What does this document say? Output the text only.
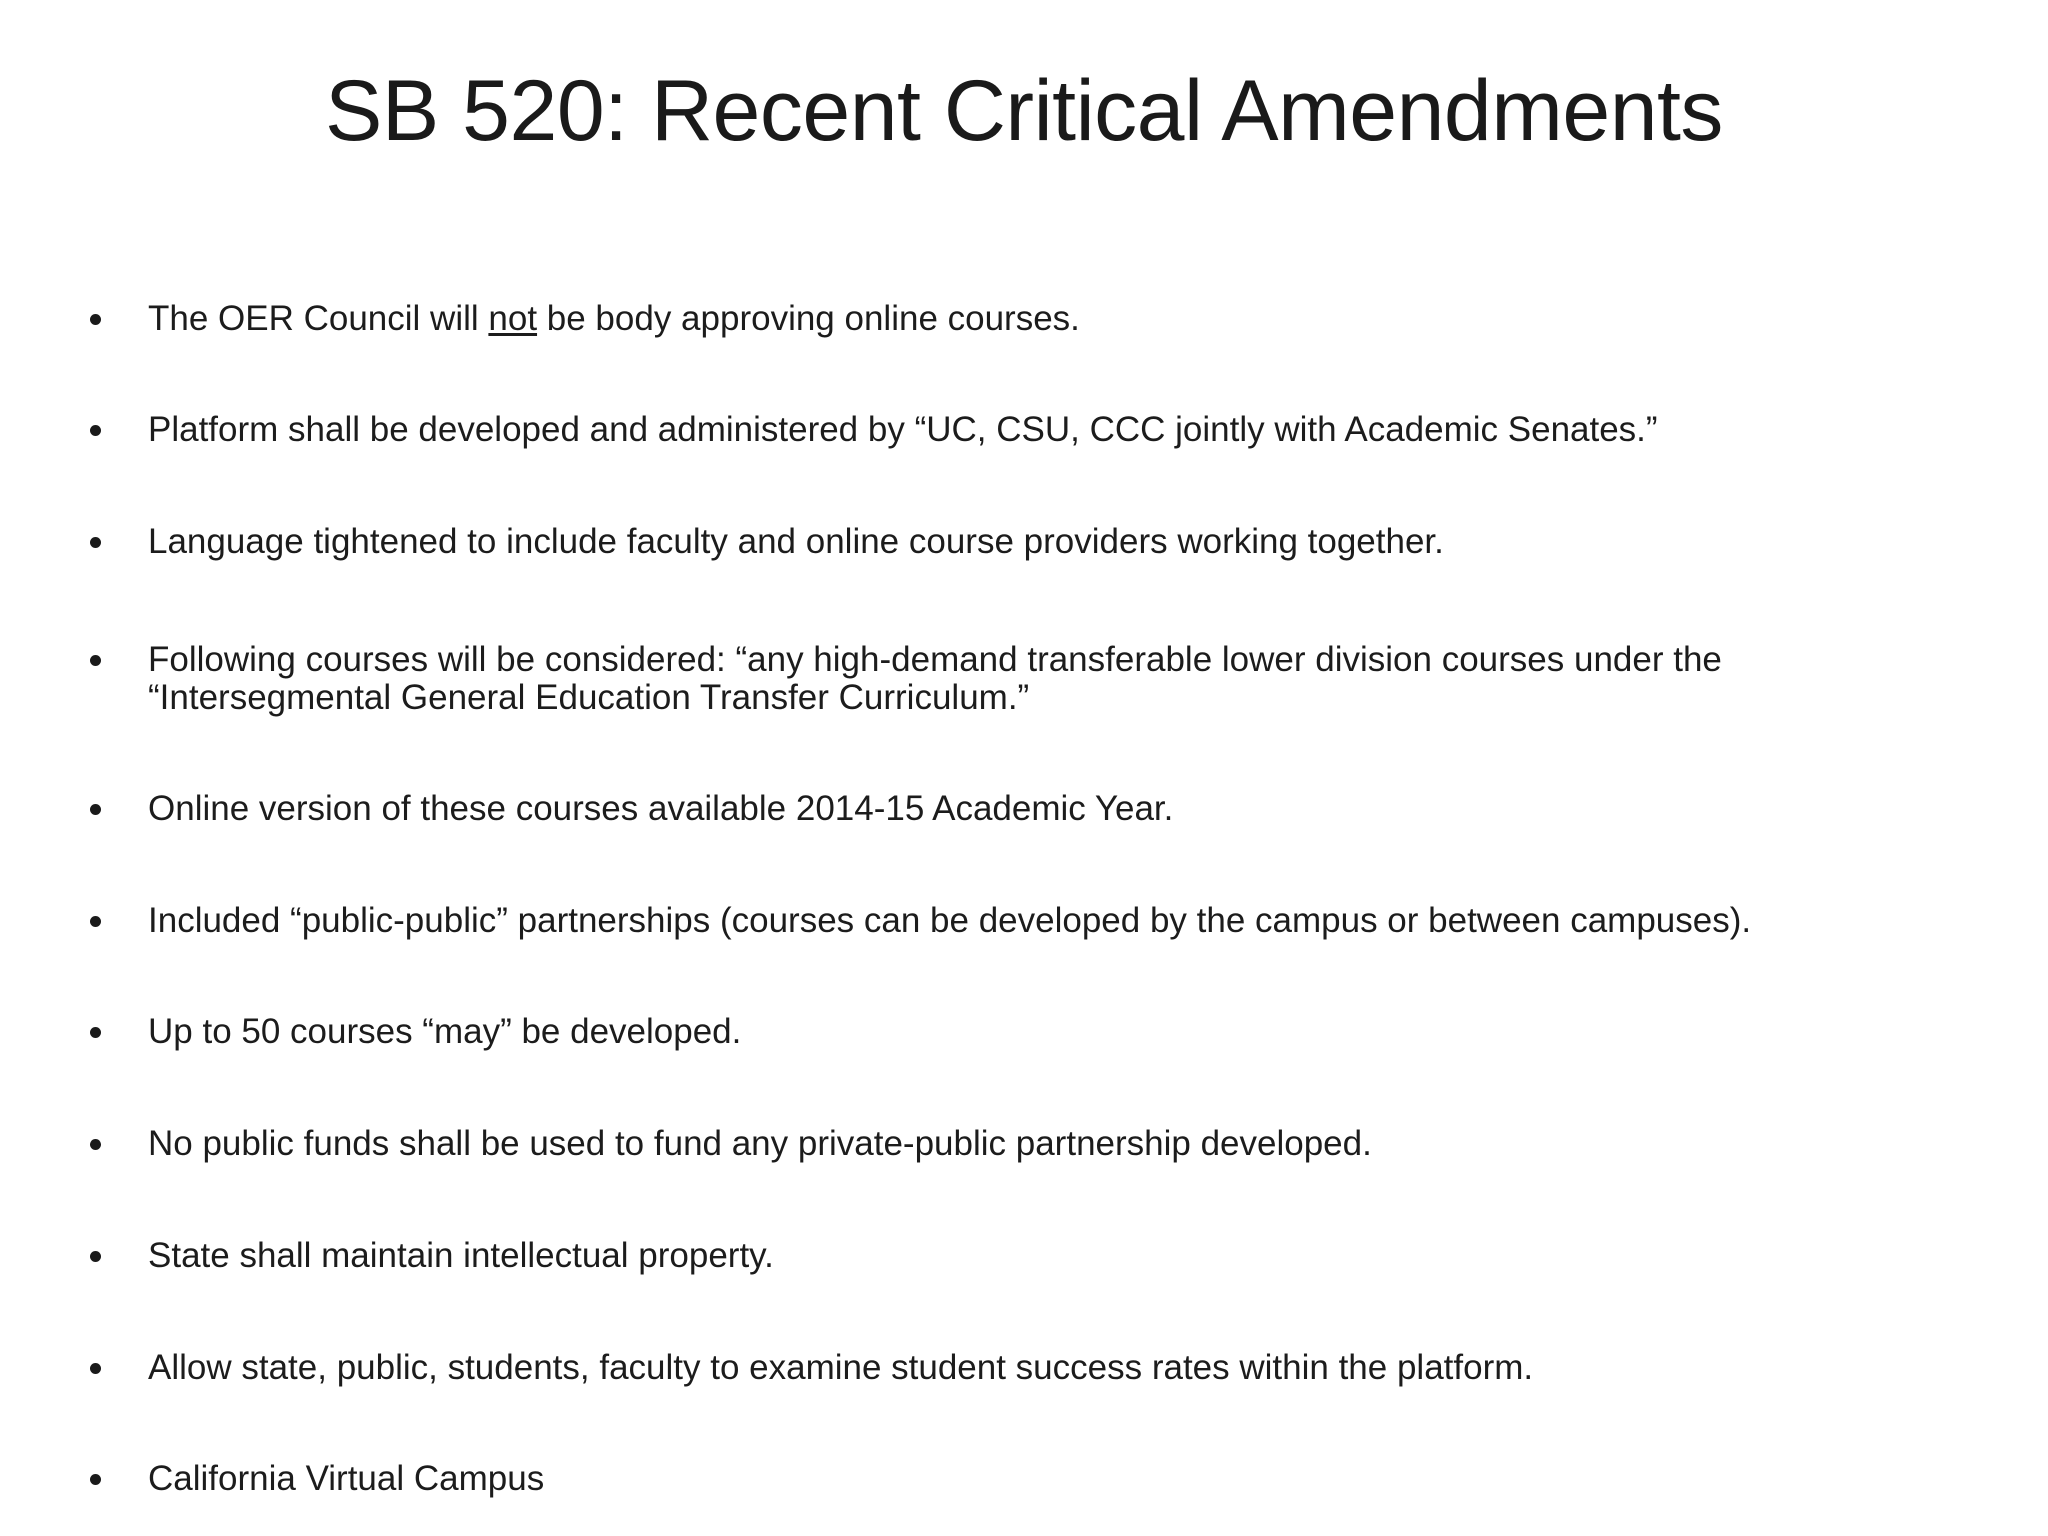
SB 520: Recent Critical Amendments
The OER Council will not be body approving online courses.
Platform shall be developed and administered by “UC, CSU, CCC jointly with Academic Senates.”
Language tightened to include faculty and online course providers working together.
Following courses will be considered: “any high-demand transferable lower division courses under the
“Intersegmental General Education Transfer Curriculum.”
Online version of these courses available 2014-15 Academic Year.
Included “public-public” partnerships (courses can be developed by the campus or between campuses).
Up to 50 courses “may” be developed.
No public funds shall be used to fund any private-public partnership developed.
State shall maintain intellectual property.
Allow state, public, students, faculty to examine student success rates within the platform.
California Virtual Campus
